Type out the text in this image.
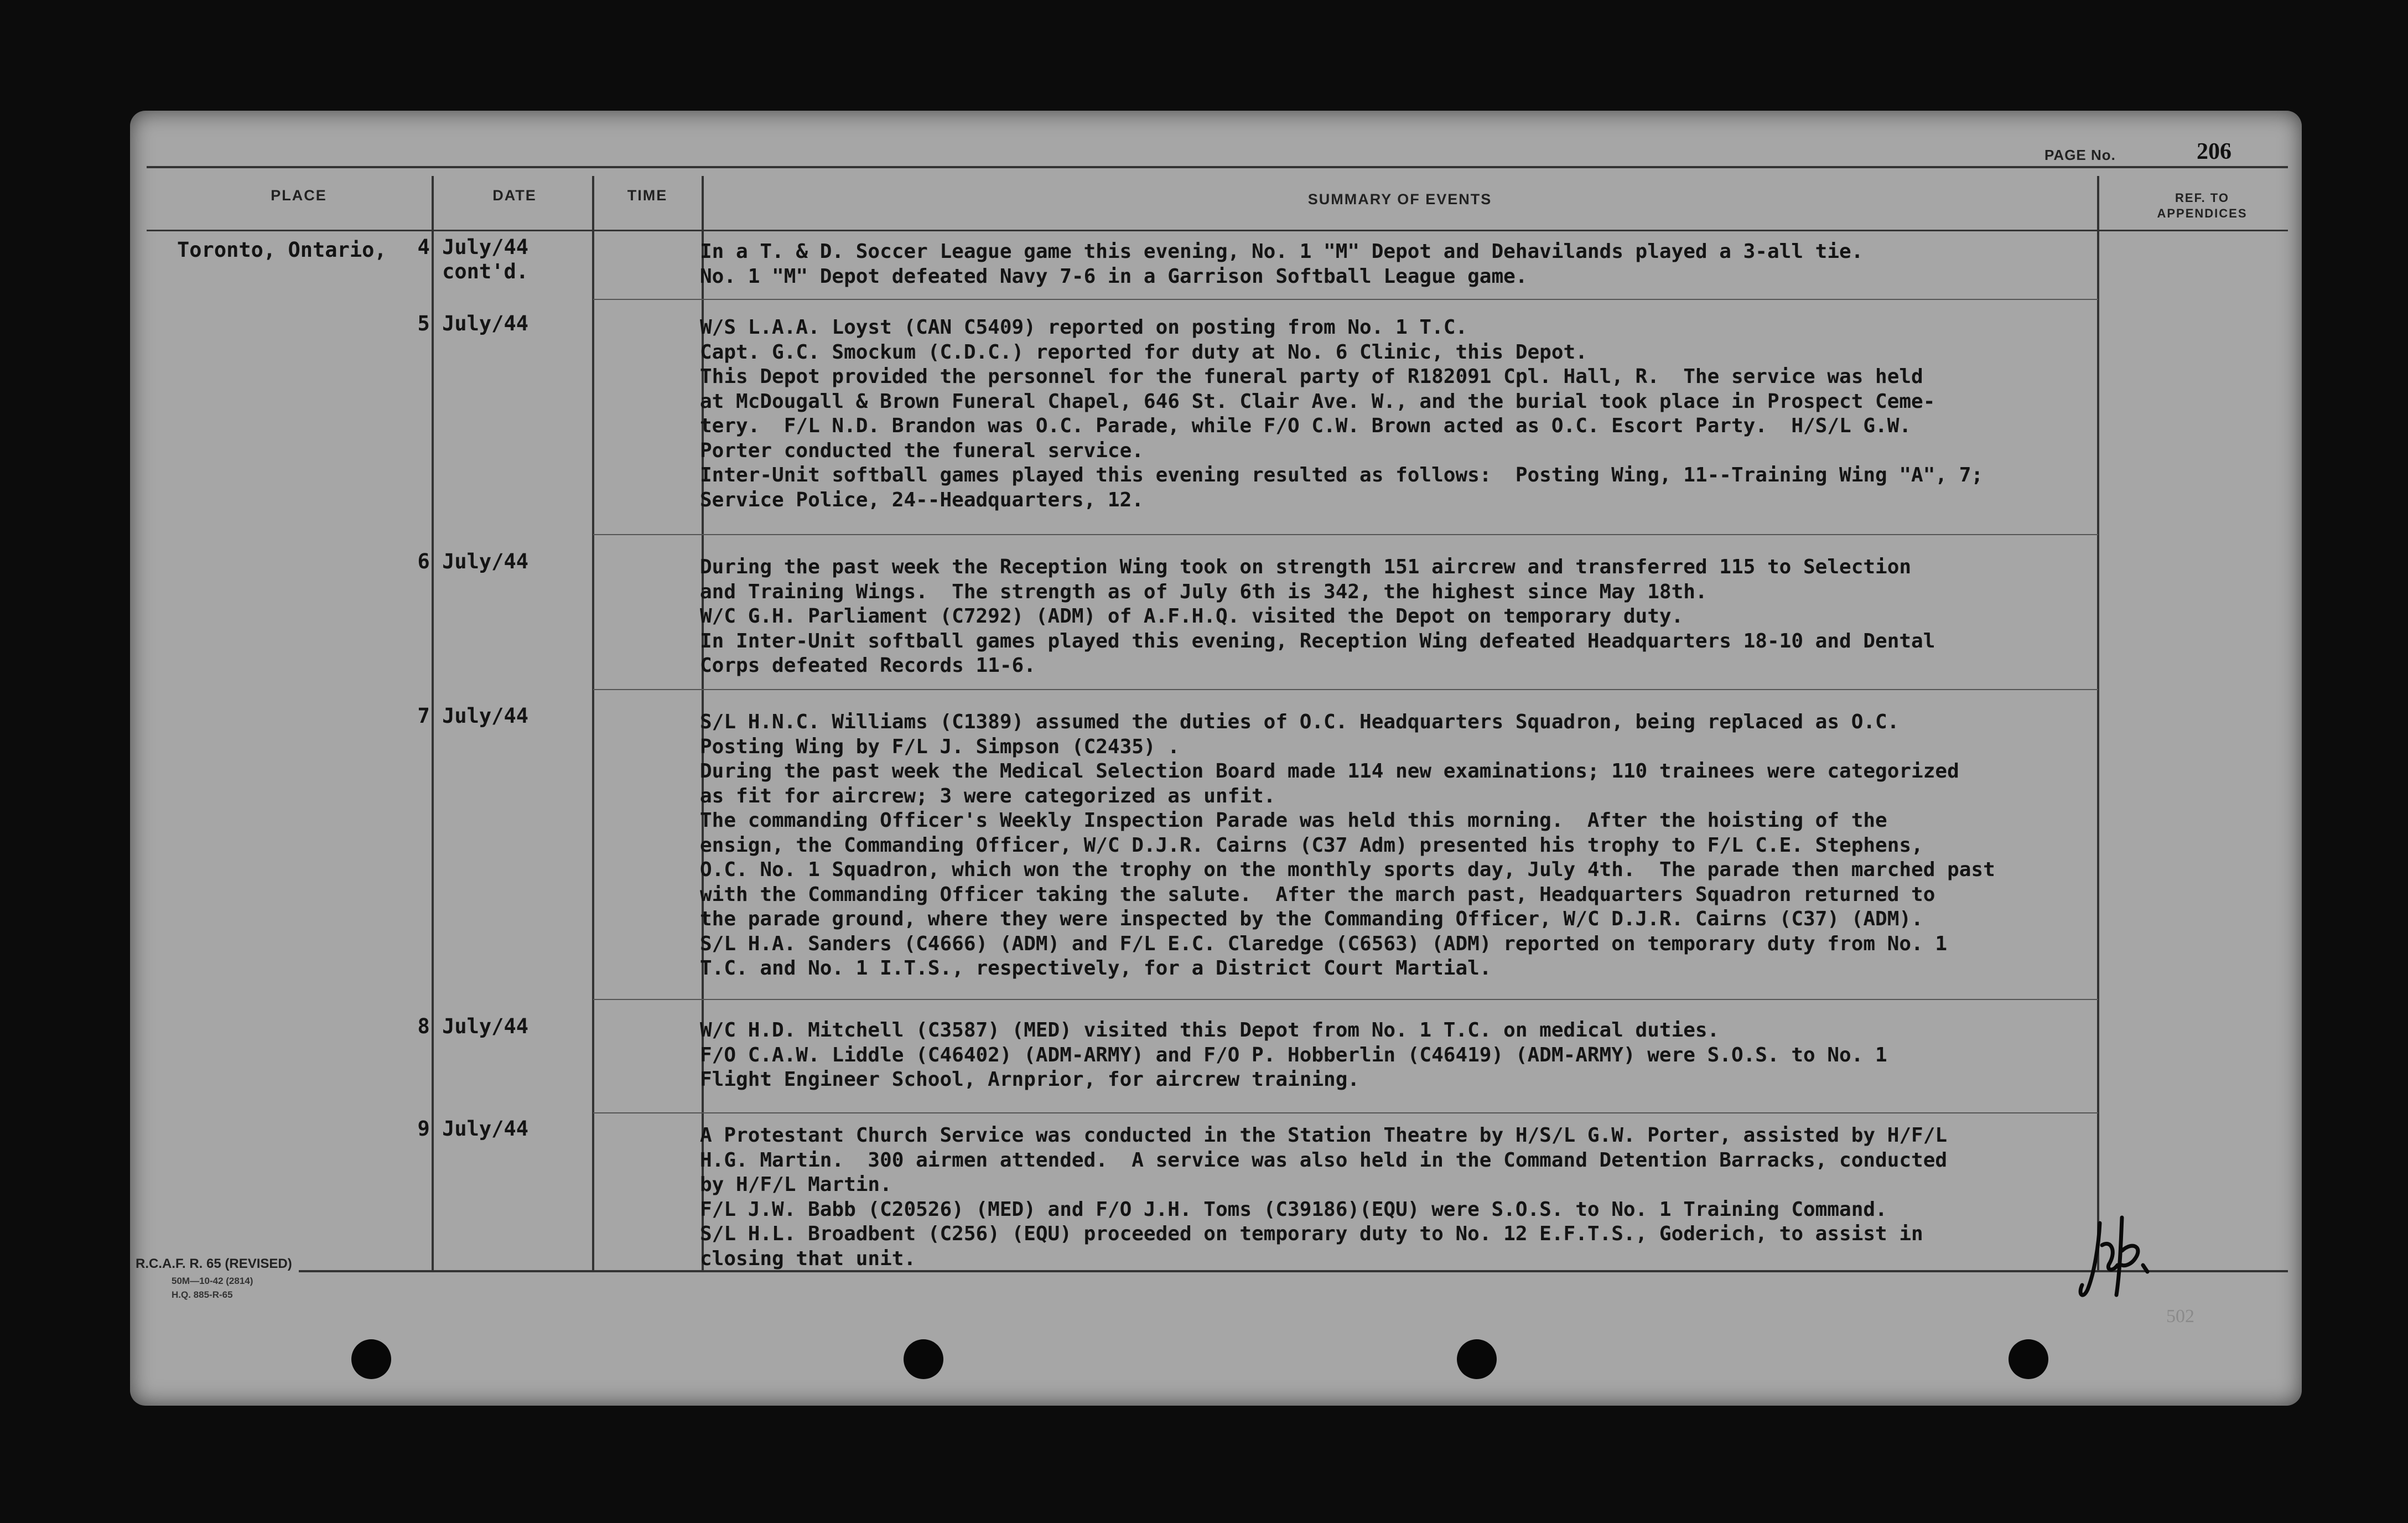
PAGE No.	206
PLACE	DATE	TIME	SUMMARY OF EVENTS	REF. TO
APPENDICES
Toronto, Ontario,	4 July/44
cont'd.
In a T. & D. Soccer League game this evening, No. 1 "M" Depot and Dehavilands played a 3-all tie.
No. 1 "M" Depot defeated Navy 7-6 in a Garrison Softball League game.
5 July/44	W/S L.A.A. Loyst (CAN C5409) reported on posting from No. 1 T.C.
Capt. G.C. Smockum (C.D.C.) reported for duty at No. 6 Clinic, this Depot.
This Depot provided the personnel for the funeral party of R182091 Cpl. Hall, R.  The service was held
at McDougall & Brown Funeral Chapel, 646 St. Clair Ave. W., and the burial took place in Prospect Ceme-
tery.  F/L N.D. Brandon was O.C. Parade, while F/O C.W. Brown acted as O.C. Escort Party.  H/S/L G.W.
Porter conducted the funeral service.
Inter-Unit softball games played this evening resulted as follows:  Posting Wing, 11--Training Wing "A", 7;
Service Police, 24--Headquarters, 12.
6 July/44	During the past week the Reception Wing took on strength 151 aircrew and transferred 115 to Selection
and Training Wings.  The strength as of July 6th is 342, the highest since May 18th.
W/C G.H. Parliament (C7292) (ADM) of A.F.H.Q. visited the Depot on temporary duty.
In Inter-Unit softball games played this evening, Reception Wing defeated Headquarters 18-10 and Dental
Corps defeated Records 11-6.
7 July/44	S/L H.N.C. Williams (C1389) assumed the duties of O.C. Headquarters Squadron, being replaced as O.C.
Posting Wing by F/L J. Simpson (C2435) .
During the past week the Medical Selection Board made 114 new examinations; 110 trainees were categorized
as fit for aircrew; 3 were categorized as unfit.
The commanding Officer's Weekly Inspection Parade was held this morning.  After the hoisting of the
ensign, the Commanding Officer, W/C D.J.R. Cairns (C37 Adm) presented his trophy to F/L C.E. Stephens,
O.C. No. 1 Squadron, which won the trophy on the monthly sports day, July 4th.  The parade then marched past
with the Commanding Officer taking the salute.  After the march past, Headquarters Squadron returned to
the parade ground, where they were inspected by the Commanding Officer, W/C D.J.R. Cairns (C37) (ADM).
S/L H.A. Sanders (C4666) (ADM) and F/L E.C. Claredge (C6563) (ADM) reported on temporary duty from No. 1
T.C. and No. 1 I.T.S., respectively, for a District Court Martial.
8 July/44	W/C H.D. Mitchell (C3587) (MED) visited this Depot from No. 1 T.C. on medical duties.
F/O C.A.W. Liddle (C46402) (ADM-ARMY) and F/O P. Hobberlin (C46419) (ADM-ARMY) were S.O.S. to No. 1
Flight Engineer School, Arnprior, for aircrew training.
9 July/44	A Protestant Church Service was conducted in the Station Theatre by H/S/L G.W. Porter, assisted by H/F/L
H.G. Martin.  300 airmen attended.  A service was also held in the Command Detention Barracks, conducted
by H/F/L Martin.
F/L J.W. Babb (C20526) (MED) and F/O J.H. Toms (C39186)(EQU) were S.O.S. to No. 1 Training Command.
S/L H.L. Broadbent (C256) (EQU) proceeded on temporary duty to No. 12 E.F.T.S., Goderich, to assist in
closing that unit.
R.C.A.F. R. 65 (REVISED)
50M—10-42 (2814)
H.Q. 885-R-65
502
